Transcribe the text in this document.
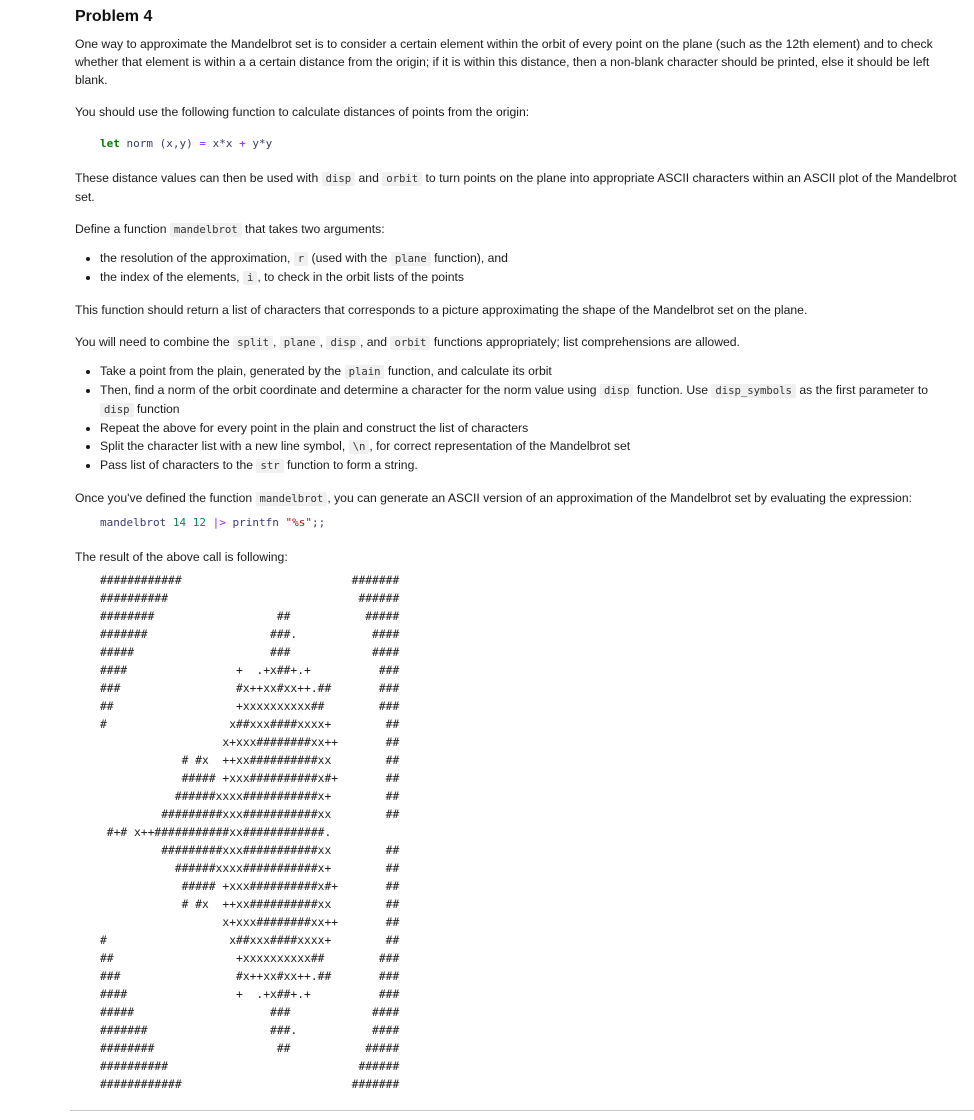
Problem 4

One way to approximate the Mandelbrot set is to consider a certain element within the orbit of every point on the plane (such as the 12th element) and to check whether that element is within a a certain distance from the origin; if it is within this distance, then a non-blank character should be printed, else it should be left blank.

You should use the following function to calculate distances of points from the origin:

let norm (x,y) = x*x + y*y

These distance values can then be used with disp and orbit to turn points on the plane into appropriate ASCII characters within an ASCII plot of the Mandelbrot set.

Define a function mandelbrot that takes two arguments:

• the resolution of the approximation, r (used with the plane function), and
• the index of the elements, i , to check in the orbit lists of the points

This function should return a list of characters that corresponds to a picture approximating the shape of the Mandelbrot set on the plane.

You will need to combine the split , plane , disp , and orbit functions appropriately; list comprehensions are allowed.

• Take a point from the plain, generated by the plain function, and calculate its orbit
• Then, find a norm of the orbit coordinate and determine a character for the norm value using disp function. Use disp_symbols as the first parameter to disp function
• Repeat the above for every point in the plain and construct the list of characters
• Split the character list with a new line symbol, \n , for correct representation of the Mandelbrot set
• Pass list of characters to the str function to form a string.

Once you've defined the function mandelbrot , you can generate an ASCII version of an approximation of the Mandelbrot set by evaluating the expression:

mandelbrot 14 12 |> printfn "%s";;

The result of the above call is following:

############                         #######
##########                            ######
########                  ##           #####
#######                  ###.           ####
#####                    ###            ####
####                +  .+x##+.+          ###
###                 #x++xx#xx++.##       ###
##                  +xxxxxxxxxx##        ###
#                  x##xxx####xxxx+        ##
x+xxx########xx++       ##
# #x  ++xx##########xx        ##
##### +xxx##########x#+       ##
######xxxx###########x+        ##
#########xxx###########xx        ##
#+# x++###########xx############.
#########xxx###########xx        ##
######xxxx###########x+        ##
##### +xxx##########x#+       ##
# #x  ++xx##########xx        ##
x+xxx########xx++       ##
#                  x##xxx####xxxx+        ##
##                  +xxxxxxxxxx##        ###
###                 #x++xx#xx++.##       ###
####                +  .+x##+.+          ###
#####                    ###            ####
#######                  ###.           ####
########                  ##           #####
##########                            ######
############                         #######
